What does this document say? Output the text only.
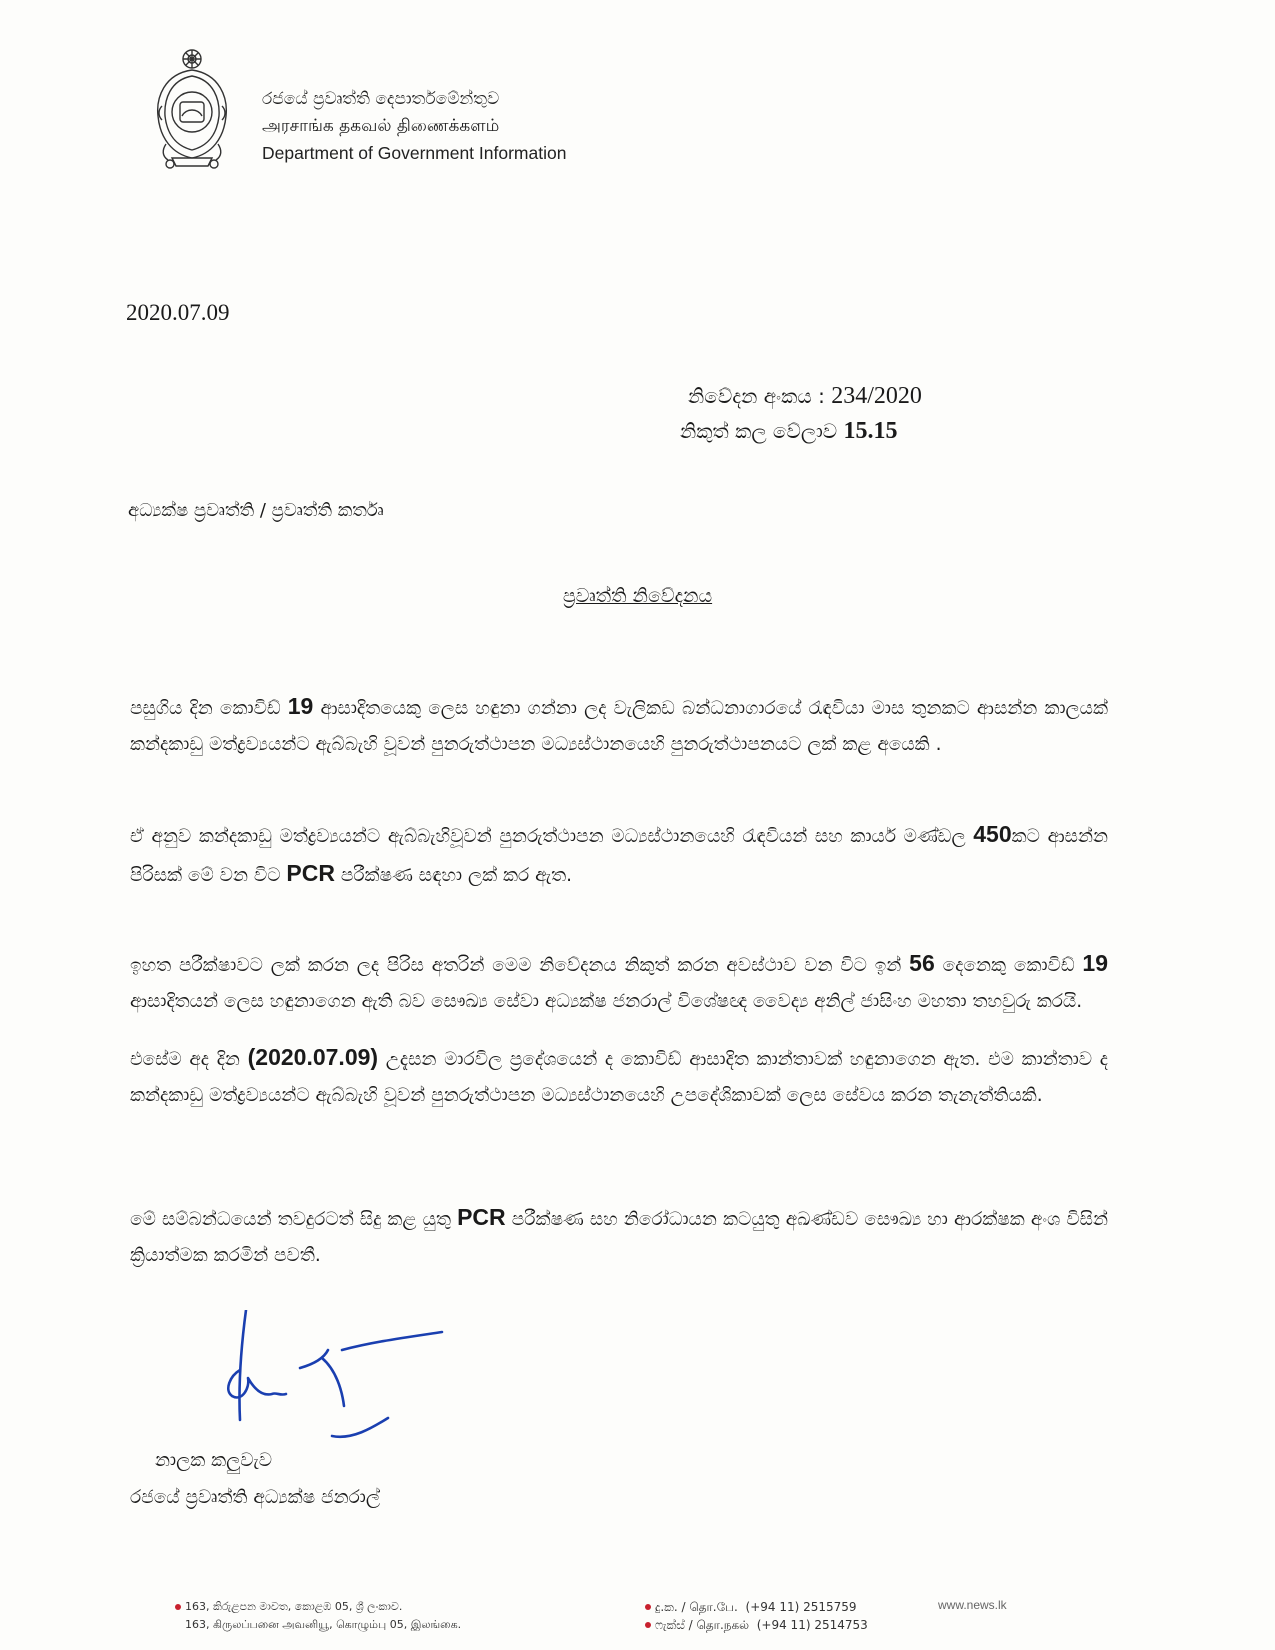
රජයේ ප්‍රවෘත්ති දෙපාර්තමේන්තුව
அரசாங்க தகவல் திணைக்களம்
Department of Government Information
2020.07.09
නිවේදන අංකය : 234/2020
නිකුත් කල වේලාව 15.15
අධ්‍යක්ෂ ප්‍රවෘත්ති / ප්‍රවෘත්ති කර්තෘ
ප්‍රවෘත්ති නිවේදනය
පසුගිය දින කොවිඩ් 19 ආසාදිතයෙකු ලෙස හඳුනා ගන්නා ලද වැලිකඩ බන්ධනාගාරයේ රැඳවියා මාස තුනකට ආසන්න කාලයක් කන්දකාඩු මත්ද්‍රව්‍යයන්ට ඇබ්බැහි වූවන් පුනරුත්ථාපන මධ්‍යස්ථානයෙහි පුනරුත්ථාපනයට ලක් කළ අයෙකි .
ඒ අනුව කන්දකාඩු මත්ද්‍රව්‍යයන්ට ඇබ්බැහිවූවන් පුනරුත්ථාපන මධ්‍යස්ථානයෙහි රැඳවියන් සහ කාර්ය මණ්ඩල 450කට ආසන්න පිරිසක් මේ වන විට PCR පරීක්ෂණ සඳහා ලක් කර ඇත.
ඉහත පරීක්ෂාවට ලක් කරන ලද පිරිස අතරින් මෙම නිවේදනය නිකුත් කරන අවස්ථාව වන විට ඉන් 56 දෙනෙකු කොවිඩ් 19 ආසාදිතයන් ලෙස හඳුනාගෙන ඇති බව සෞඛ්‍ය සේවා අධ්‍යක්ෂ ජනරාල් විශේෂඥ වෛද්‍ය අනිල් ජාසිංහ මහතා තහවුරු කරයි.
එසේම අද දින (2020.07.09) උදැසන මාරවිල ප්‍රදේශයෙන් ද කොවිඩ් ආසාදිත කාන්තාවක් හඳුනාගෙන ඇත. එම කාන්තාව ද කන්දකාඩු මත්ද්‍රව්‍යයන්ට ඇබ්බැහි වූවන් පුනරුත්ථාපන මධ්‍යස්ථානයෙහි උපදේශිකාවක් ලෙස සේවය කරන තැනැත්තියකි.
මේ සම්බන්ධයෙන් තවදුරටත් සිදු කළ යුතු PCR පරීක්ෂණ සහ නිරෝධායන කටයුතු අඛණ්ඩව සෞඛ්‍ය හා ආරක්ෂක අංශ විසින් ක්‍රියාත්මක කරමින් පවතී.
නාලක කලුවැව
රජයේ ප්‍රවෘත්ති අධ්‍යක්ෂ ජනරාල්
163, කිරුළපන මාවත, කොළඹ 05, ශ්‍රී ලංකාව.
163, கிருலப்பனை அவனியூ, கொழும்பு 05, இலங்கை.
දු.ක. / தொ.பே. (+94 11) 2515759
ෆැක්ස් / தொ.நகல் (+94 11) 2514753
www.news.lk
